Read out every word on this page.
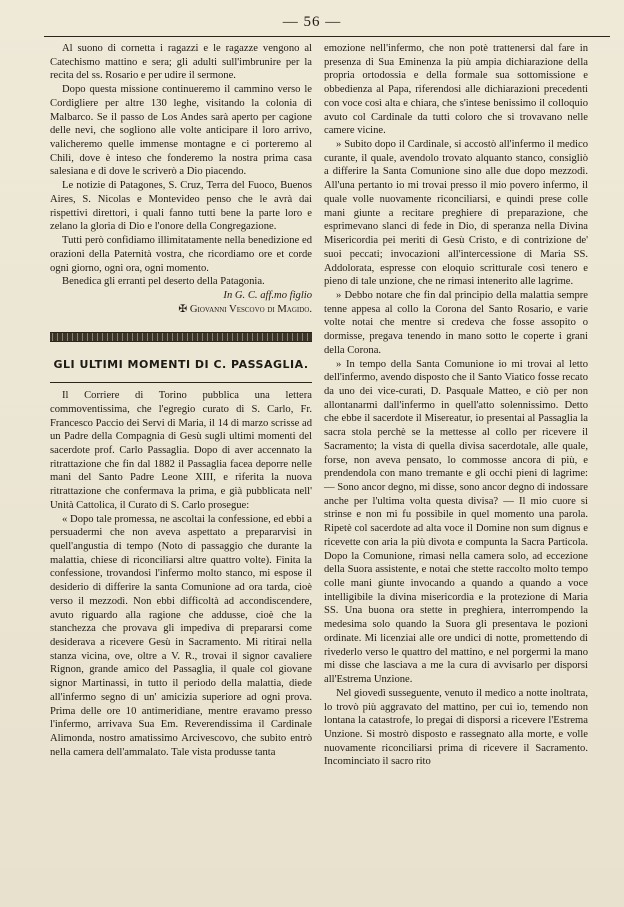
— 56 —

Al suono di cornetta i ragazzi e le ragazze vengono al Catechismo mattino e sera; gli adulti sull'imbrunire per la recita del ss. Rosario e per udire il sermone.

Dopo questa missione continueremo il cammino verso le Cordigliere per altre 130 leghe, visitando la colonia di Malbarco. Se il passo de Los Andes sarà aperto per cagione delle nevi, che sogliono alle volte anticipare il loro arrivo, valicheremo quelle immense montagne e ci porteremo al Chilì, dove è inteso che fonderemo la nostra prima casa salesiana e di dove le scriverò a Dio piacendo.

Le notizie di Patagones, S. Cruz, Terra del Fuoco, Buenos Aires, S. Nicolas e Montevideo penso che le avrà dai rispettivi direttori, i quali fanno tutti bene la parte loro e zelano la gloria di Dio e l'onore della Congregazione.

Tutti però confidiamo illimitatamente nella benedizione ed orazioni della Paternità vostra, che ricordiamo ore et corde ogni giorno, ogni ora, ogni momento.

Benedica gli erranti pel deserto della Patagonia.

In G. C. aff.mo figlio

✠ Giovanni Vescovo di Magido.

GLI ULTIMI MOMENTI DI C. PASSAGLIA.

Il Corriere di Torino pubblica una lettera commoventissima, che l'egregio curato di S. Carlo, Fr. Francesco Paccio dei Servi di Maria, il 14 di marzo scrisse ad un Padre della Compagnia di Gesù sugli ultimi momenti del sacerdote prof. Carlo Passaglia. Dopo di aver accennato la ritrattazione che fin dal 1882 il Passaglia facea deporre nelle mani del Santo Padre Leone XIII, e riferita la nuova ritrattazione che confermava la prima, e già pubblicata nell' Unità Cattolica, il Curato di S. Carlo prosegue:

« Dopo tale promessa, ne ascoltai la confessione, ed ebbi a persuadermi che non aveva aspettato a prepararvisi in quell'angustia di tempo (Noto di passaggio che durante la malattia, chiese di riconciliarsi altre quattro volte). Finita la confessione, trovandosi l'infermo molto stanco, mi espose il desiderio di differire la santa Comunione ad ora tarda, cioè verso il mezzodì. Non ebbi difficoltà ad accondiscendere, avuto riguardo alla ragione che addusse, cioè che la stanchezza che provava gli impediva di prepararsi come desiderava a ricevere Gesù in Sacramento. Mi ritirai nella stanza vicina, ove, oltre a V. R., trovai il signor cavaliere Rignon, grande amico del Passaglia, il quale col giovane signor Martinassi, in tutto il periodo della malattia, diede all'infermo segno di un' amicizia superiore ad ogni prova. Prima delle ore 10 antimeridiane, mentre eravamo presso l'infermo, arrivava Sua Em. Reverendissima il Cardinale Alimonda, nostro amatissimo Arcivescovo, che subito entrò nella camera dell'ammalato. Tale vista produsse tanta

emozione nell'infermo, che non potè trattenersi dal fare in presenza di Sua Eminenza la più ampia dichiarazione della propria ortodossia e della formale sua sottomissione e obbedienza al Papa, riferendosi alle dichiarazioni precedenti con voce così alta e chiara, che s'intese benissimo il colloquio avuto col Cardinale da tutti coloro che si trovavano nelle camere vicine.

» Subito dopo il Cardinale, si accostò all'infermo il medico curante, il quale, avendolo trovato alquanto stanco, consigliò a differire la Santa Comunione sino alle due dopo mezzodì. All'una pertanto io mi trovai presso il mio povero infermo, il quale volle nuovamente riconciliarsi, e quindi prese colle mani giunte a recitare preghiere di preparazione, che esprimevano slanci di fede in Dio, di speranza nella Divina Misericordia pei meriti di Gesù Cristo, e di contrizione de' suoi peccati; invocazioni all'intercessione di Maria SS. Addolorata, espresse con eloquio scritturale così tenero e pieno di tale unzione, che ne rimasi intenerito alle lagrime.

» Debbo notare che fin dal principio della malattia sempre tenne appesa al collo la Corona del Santo Rosario, e varie volte notai che mentre si credeva che fosse assopito o dormisse, pregava tenendo in mano sotto le coperte i grani della Corona.

» In tempo della Santa Comunione io mi trovai al letto dell'infermo, avendo disposto che il Santo Viatico fosse recato da uno dei vice-curati, D. Pasquale Matteo, e ciò per non allontanarmi dall'infermo in quell'atto solennissimo. Detto che ebbe il sacerdote il Misereatur, io presentai al Passaglia la sacra stola perchè se la mettesse al collo per ricevere il Sacramento; la vista di quella divisa sacerdotale, alle quale, forse, non aveva pensato, lo commosse ancora di più, e prendendola con mano tremante e gli occhi pieni di lagrime: — Sono ancor degno, mi disse, sono ancor degno di indossare anche per l'ultima volta questa divisa? — Il mio cuore si strinse e non mi fu possibile in quel momento una parola. Ripetè col sacerdote ad alta voce il Domine non sum dignus e ricevette con aria la più divota e compunta la Sacra Particola. Dopo la Comunione, rimasi nella camera solo, ad eccezione della Suora assistente, e notai che stette raccolto molto tempo colle mani giunte invocando a quando a quando a voce intelligibile la divina misericordia e la protezione di Maria SS. Una buona ora stette in preghiera, interrompendo la medesima solo quando la Suora gli presentava le pozioni ordinate. Mi licenziai alle ore undici di notte, promettendo di rivederlo verso le quattro del mattino, e nel porgermi la mano mi disse che lasciava a me la cura di avvisarlo per disporsi all'Estrema Unzione.

Nel giovedì susseguente, venuto il medico a notte inoltrata, lo trovò più aggravato del mattino, per cui io, temendo non lontana la catastrofe, lo pregai di disporsi a ricevere l'Estrema Unzione. Si mostrò disposto e rassegnato alla morte, e volle nuovamente riconciliarsi prima di ricevere il Sacramento. Incominciato il sacro rito
